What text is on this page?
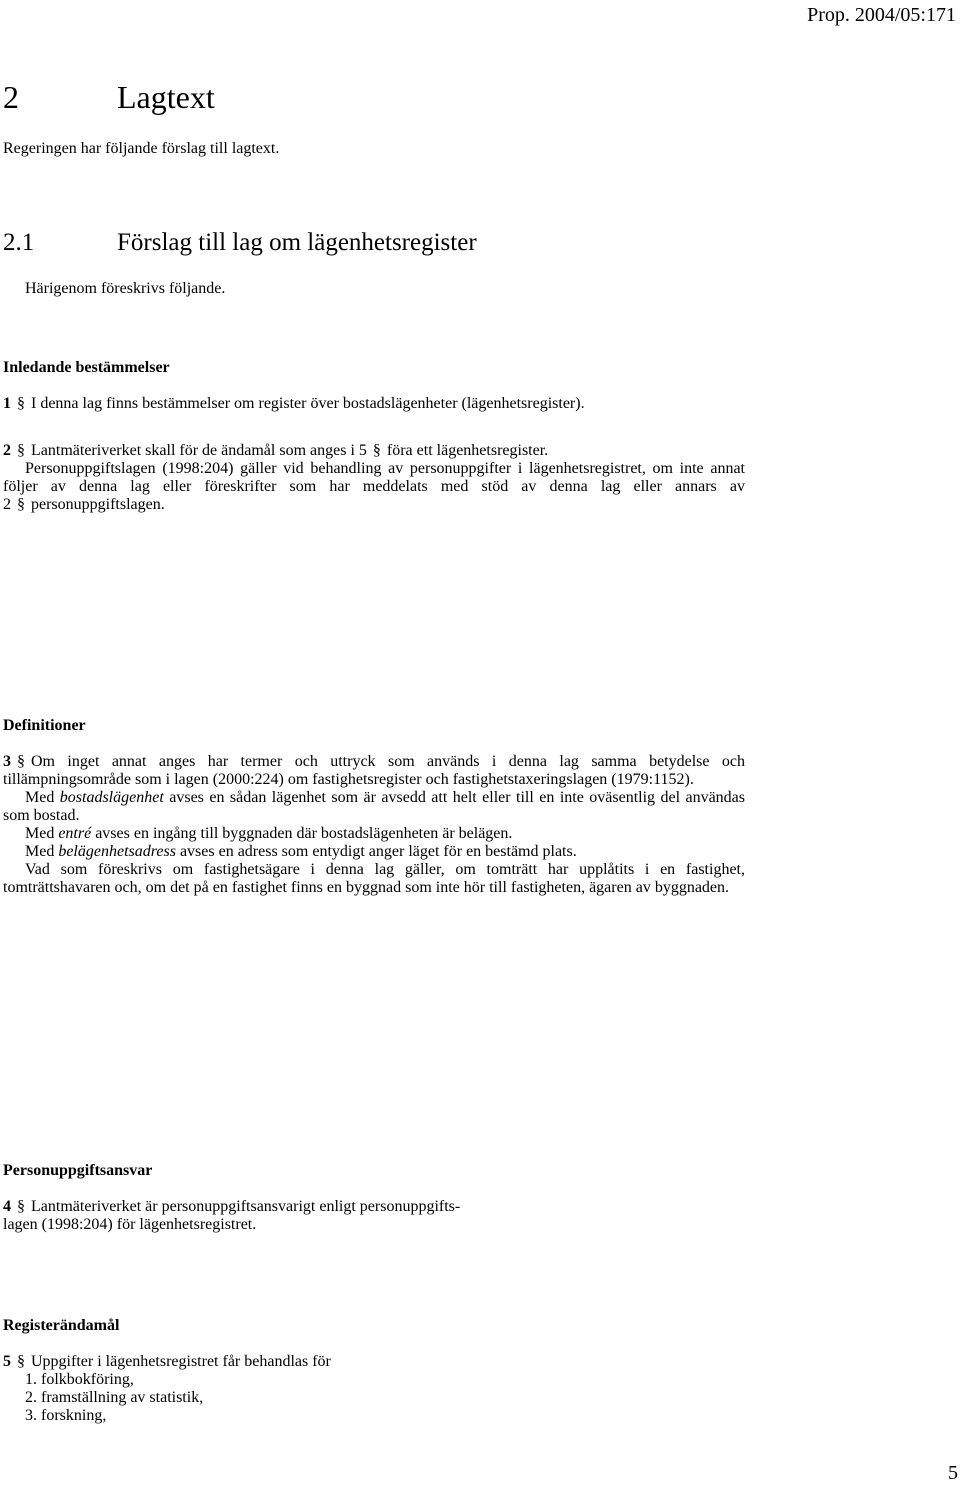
Prop. 2004/05:171
2	Lagtext

Regeringen har följande förslag till lagtext.

2.1	Förslag till lag om lägenhetsregister

Härigenom föreskrivs följande.

Inledande bestämmelser

1 § I denna lag finns bestämmelser om register över bostadslägenheter (lägenhetsregister).

2 § Lantmäteriverket skall för de ändamål som anges i 5 § föra ett lägenhetsregister.

Personuppgiftslagen (1998:204) gäller vid behandling av personuppgifter i lägenhetsregistret, om inte annat följer av denna lag eller föreskrifter som har meddelats med stöd av denna lag eller annars av 2 § personuppgiftslagen.

Definitioner

3 § Om inget annat anges har termer och uttryck som används i denna lag samma betydelse och tillämpningsområde som i lagen (2000:224) om fastighetsregister och fastighetstaxeringslagen (1979:1152).

Med bostadslägenhet avses en sådan lägenhet som är avsedd att helt eller till en inte oväsentlig del användas som bostad.

Med entré avses en ingång till byggnaden där bostadslägenheten är belägen.

Med belägenhetsadress avses en adress som entydigt anger läget för en bestämd plats.

Vad som föreskrivs om fastighetsägare i denna lag gäller, om tomträtt har upplåtits i en fastighet, tomträttshavaren och, om det på en fastighet finns en byggnad som inte hör till fastigheten, ägaren av byggnaden.

Personuppgiftsansvar

4 § Lantmäteriverket är personuppgiftsansvarigt enligt personuppgifts-
lagen (1998:204) för lägenhetsregistret.

Registerändamål

5 § Uppgifter i lägenhetsregistret får behandlas för

1. folkbokföring,
2. framställning av statistik,
3. forskning,
5
